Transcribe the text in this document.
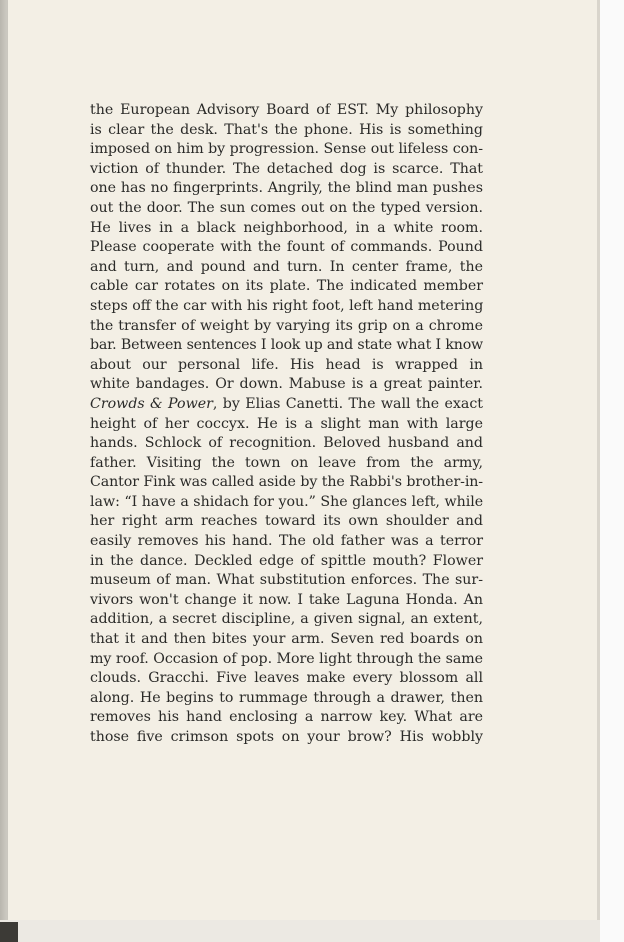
the European Advisory Board of EST. My philosophy
is clear the desk. That's the phone. His is something
imposed on him by progression. Sense out lifeless con-
viction of thunder. The detached dog is scarce. That
one has no fingerprints. Angrily, the blind man pushes
out the door. The sun comes out on the typed version.
He lives in a black neighborhood, in a white room.
Please cooperate with the fount of commands. Pound
and turn, and pound and turn. In center frame, the
cable car rotates on its plate. The indicated member
steps off the car with his right foot, left hand metering
the transfer of weight by varying its grip on a chrome
bar. Between sentences I look up and state what I know
about our personal life. His head is wrapped in
white bandages. Or down. Mabuse is a great painter.
Crowds & Power, by Elias Canetti. The wall the exact
height of her coccyx. He is a slight man with large
hands. Schlock of recognition. Beloved husband and
father. Visiting the town on leave from the army,
Cantor Fink was called aside by the Rabbi's brother-in-
law: “I have a shidach for you.” She glances left, while
her right arm reaches toward its own shoulder and
easily removes his hand. The old father was a terror
in the dance. Deckled edge of spittle mouth? Flower
museum of man. What substitution enforces. The sur-
vivors won't change it now. I take Laguna Honda. An
addition, a secret discipline, a given signal, an extent,
that it and then bites your arm. Seven red boards on
my roof. Occasion of pop. More light through the same
clouds. Gracchi. Five leaves make every blossom all
along. He begins to rummage through a drawer, then
removes his hand enclosing a narrow key. What are
those five crimson spots on your brow? His wobbly
